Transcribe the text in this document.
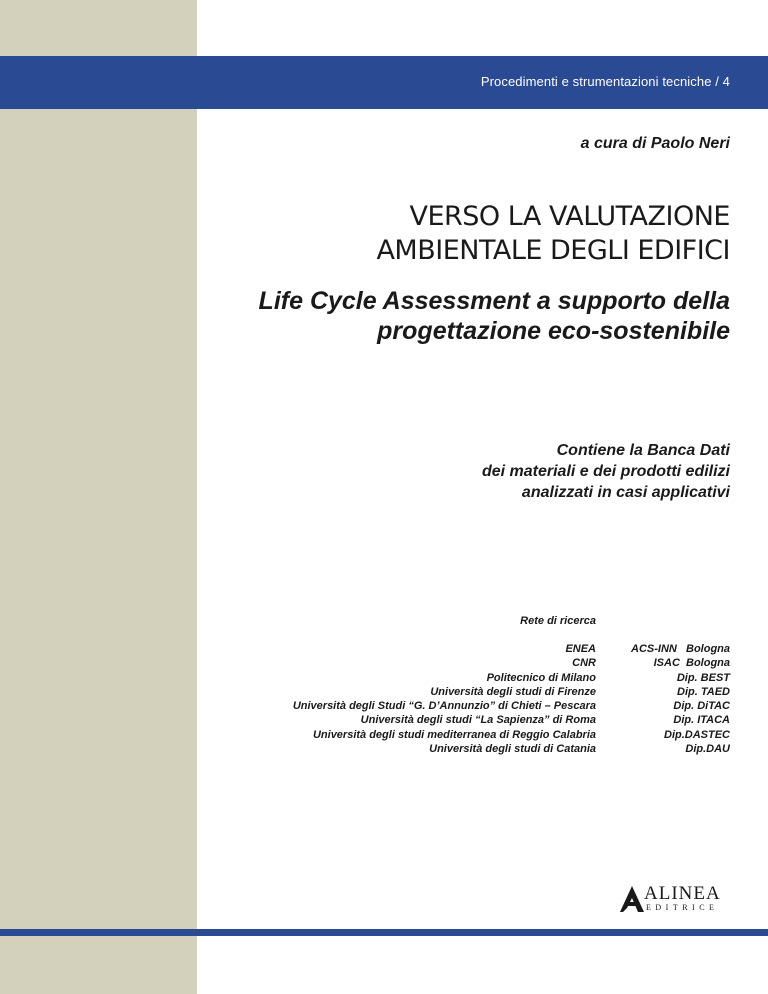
Procedimenti e strumentazioni tecniche / 4
a cura di Paolo Neri
VERSO LA VALUTAZIONE
AMBIENTALE DEGLI EDIFICI
Life Cycle Assessment a supporto della
progettazione eco-sostenibile
Contiene la Banca Dati
dei materiali e dei prodotti edilizi
analizzati in casi applicativi
Rete di ricerca
ENEA
CNR
Politecnico di Milano
Università degli studi di Firenze
Università degli Studi “G. D’Annunzio” di Chieti – Pescara
Università degli studi “La Sapienza” di Roma
Università degli studi mediterranea di Reggio Calabria
Università degli studi di Catania
ACS-INN   Bologna
ISAC  Bologna
Dip. BEST
Dip. TAED
Dip. DiTAC
Dip. ITACA
Dip.DASTEC
Dip.DAU
ALINEA
EDITRICE
